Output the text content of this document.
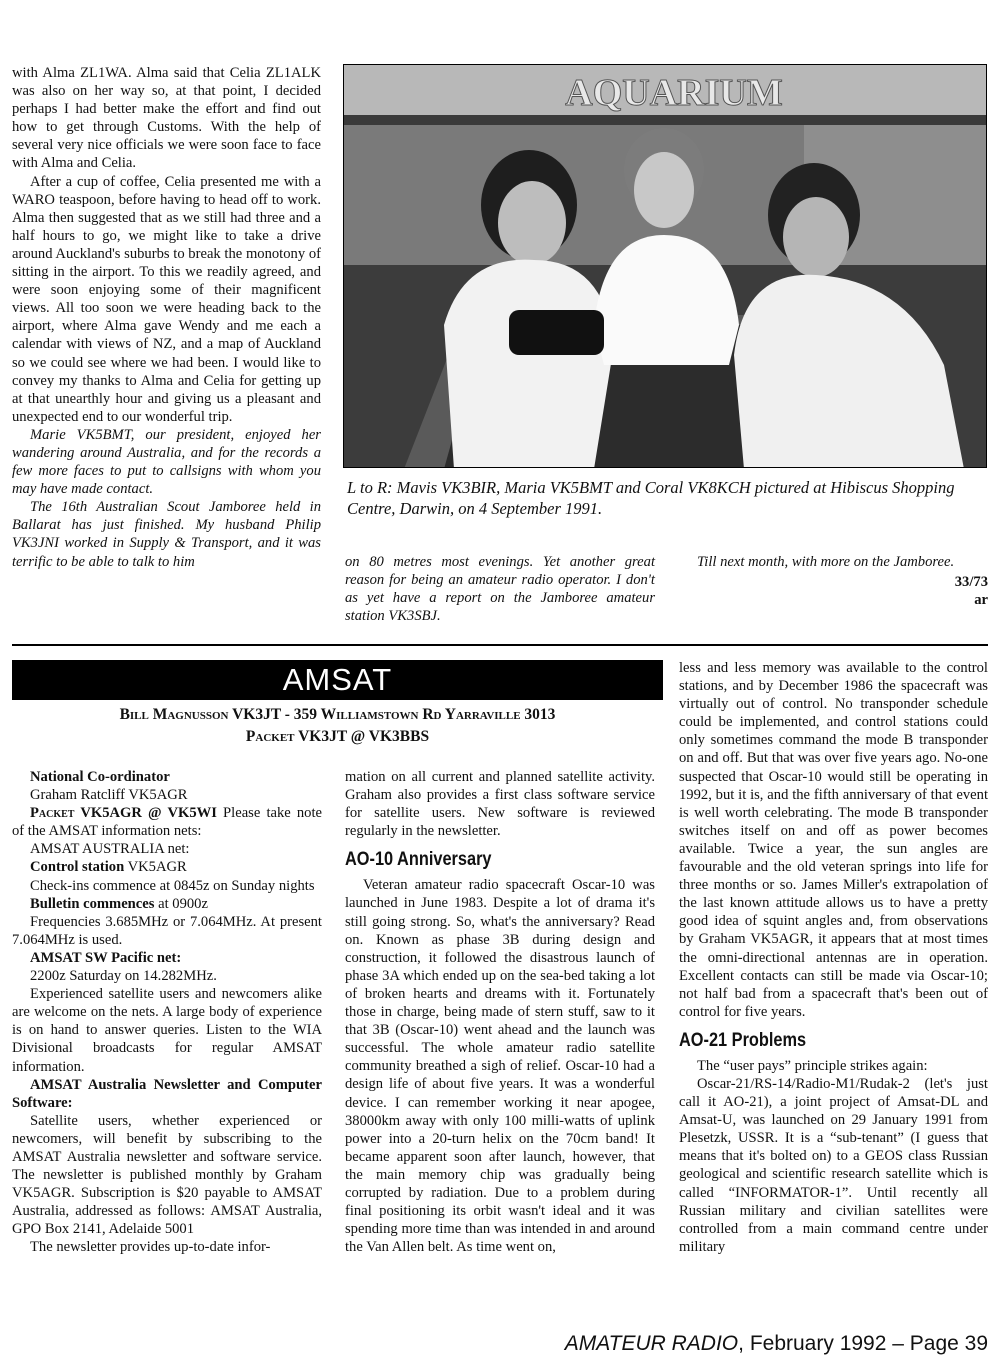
with Alma ZL1WA. Alma said that Celia ZL1ALK was also on her way so, at that point, I decided perhaps I had better make the effort and find out how to get through Customs. With the help of several very nice officials we were soon face to face with Alma and Celia.

After a cup of coffee, Celia presented me with a WARO teaspoon, before having to head off to work. Alma then suggested that as we still had three and a half hours to go, we might like to take a drive around Auckland's suburbs to break the monotony of sitting in the airport. To this we readily agreed, and were soon enjoying some of their magnificent views. All too soon we were heading back to the airport, where Alma gave Wendy and me each a calendar with views of NZ, and a map of Auckland so we could see where we had been. I would like to convey my thanks to Alma and Celia for getting up at that unearthly hour and giving us a pleasant and unexpected end to our wonderful trip.

Marie VK5BMT, our president, enjoyed her wandering around Australia, and for the records a few more faces to put to callsigns with whom you may have made contact.

The 16th Australian Scout Jamboree held in Ballarat has just finished. My husband Philip VK3JNI worked in Supply & Transport, and it was terrific to be able to talk to him

AQUARIUM
L to R: Mavis VK3BIR, Maria VK5BMT and Coral VK8KCH pictured at Hibiscus Shopping Centre, Darwin, on 4 September 1991.

on 80 metres most evenings. Yet another great reason for being an amateur radio operator. I don't as yet have a report on the Jamboree amateur station VK3SBJ.

Till next month, with more on the Jamboree.

33/73
ar
AMSAT
Bill Magnusson VK3JT - 359 Williamstown Rd Yarraville 3013
Packet VK3JT @ VK3BBS

National Co-ordinator

Graham Ratcliff VK5AGR

Packet VK5AGR @ VK5WI Please take note of the AMSAT information nets:

AMSAT AUSTRALIA net:

Control station VK5AGR

Check-ins commence at 0845z on Sunday nights

Bulletin commences at 0900z

Frequencies 3.685MHz or 7.064MHz. At present 7.064MHz is used.

AMSAT SW Pacific net:

2200z Saturday on 14.282MHz.

Experienced satellite users and newcomers alike are welcome on the nets. A large body of experience is on hand to answer queries. Listen to the WIA Divisional broadcasts for regular AMSAT information.

AMSAT Australia Newsletter and Computer Software:

Satellite users, whether experienced or newcomers, will benefit by subscribing to the AMSAT Australia newsletter and software service. The newsletter is published monthly by Graham VK5AGR. Subscription is $20 payable to AMSAT Australia, addressed as follows: AMSAT Australia, GPO Box 2141, Adelaide 5001

The newsletter provides up-to-date infor-

mation on all current and planned satellite activity. Graham also provides a first class software service for satellite users. New software is reviewed regularly in the newsletter.

AO-10 Anniversary

Veteran amateur radio spacecraft Oscar-10 was launched in June 1983. Despite a lot of drama it's still going strong. So, what's the anniversary? Read on. Known as phase 3B during design and construction, it followed the disastrous launch of phase 3A which ended up on the sea-bed taking a lot of broken hearts and dreams with it. Fortunately those in charge, being made of stern stuff, saw to it that 3B (Oscar-10) went ahead and the launch was successful. The whole amateur radio satellite community breathed a sigh of relief. Oscar-10 had a design life of about five years. It was a wonderful device. I can remember working it near apogee, 38000km away with only 100 milli-watts of uplink power into a 20-turn helix on the 70cm band! It became apparent soon after launch, however, that the main memory chip was gradually being corrupted by radiation. Due to a problem during final positioning its orbit wasn't ideal and it was spending more time than was intended in and around the Van Allen belt. As time went on,

less and less memory was available to the control stations, and by December 1986 the spacecraft was virtually out of control. No transponder schedule could be implemented, and control stations could only sometimes command the mode B transponder on and off. But that was over five years ago. No-one suspected that Oscar-10 would still be operating in 1992, but it is, and the fifth anniversary of that event is well worth celebrating. The mode B transponder switches itself on and off as power becomes available. Twice a year, the sun angles are favourable and the old veteran springs into life for three months or so. James Miller's extrapolation of the last known attitude allows us to have a pretty good idea of squint angles and, from observations by Graham VK5AGR, it appears that at most times the omni-directional antennas are in operation. Excellent contacts can still be made via Oscar-10; not half bad from a spacecraft that's been out of control for five years.

AO-21 Problems

The “user pays” principle strikes again:

Oscar-21/RS-14/Radio-M1/Rudak-2 (let's just call it AO-21), a joint project of Amsat-DL and Amsat-U, was launched on 29 January 1991 from Plesetzk, USSR. It is a “sub-tenant” (I guess that means that it's bolted on) to a GEOS class Russian geological and scientific research satellite which is called “INFORMATOR-1”. Until recently all Russian military and civilian satellites were controlled from a main command centre under military

AMATEUR RADIO, February 1992 – Page 39
